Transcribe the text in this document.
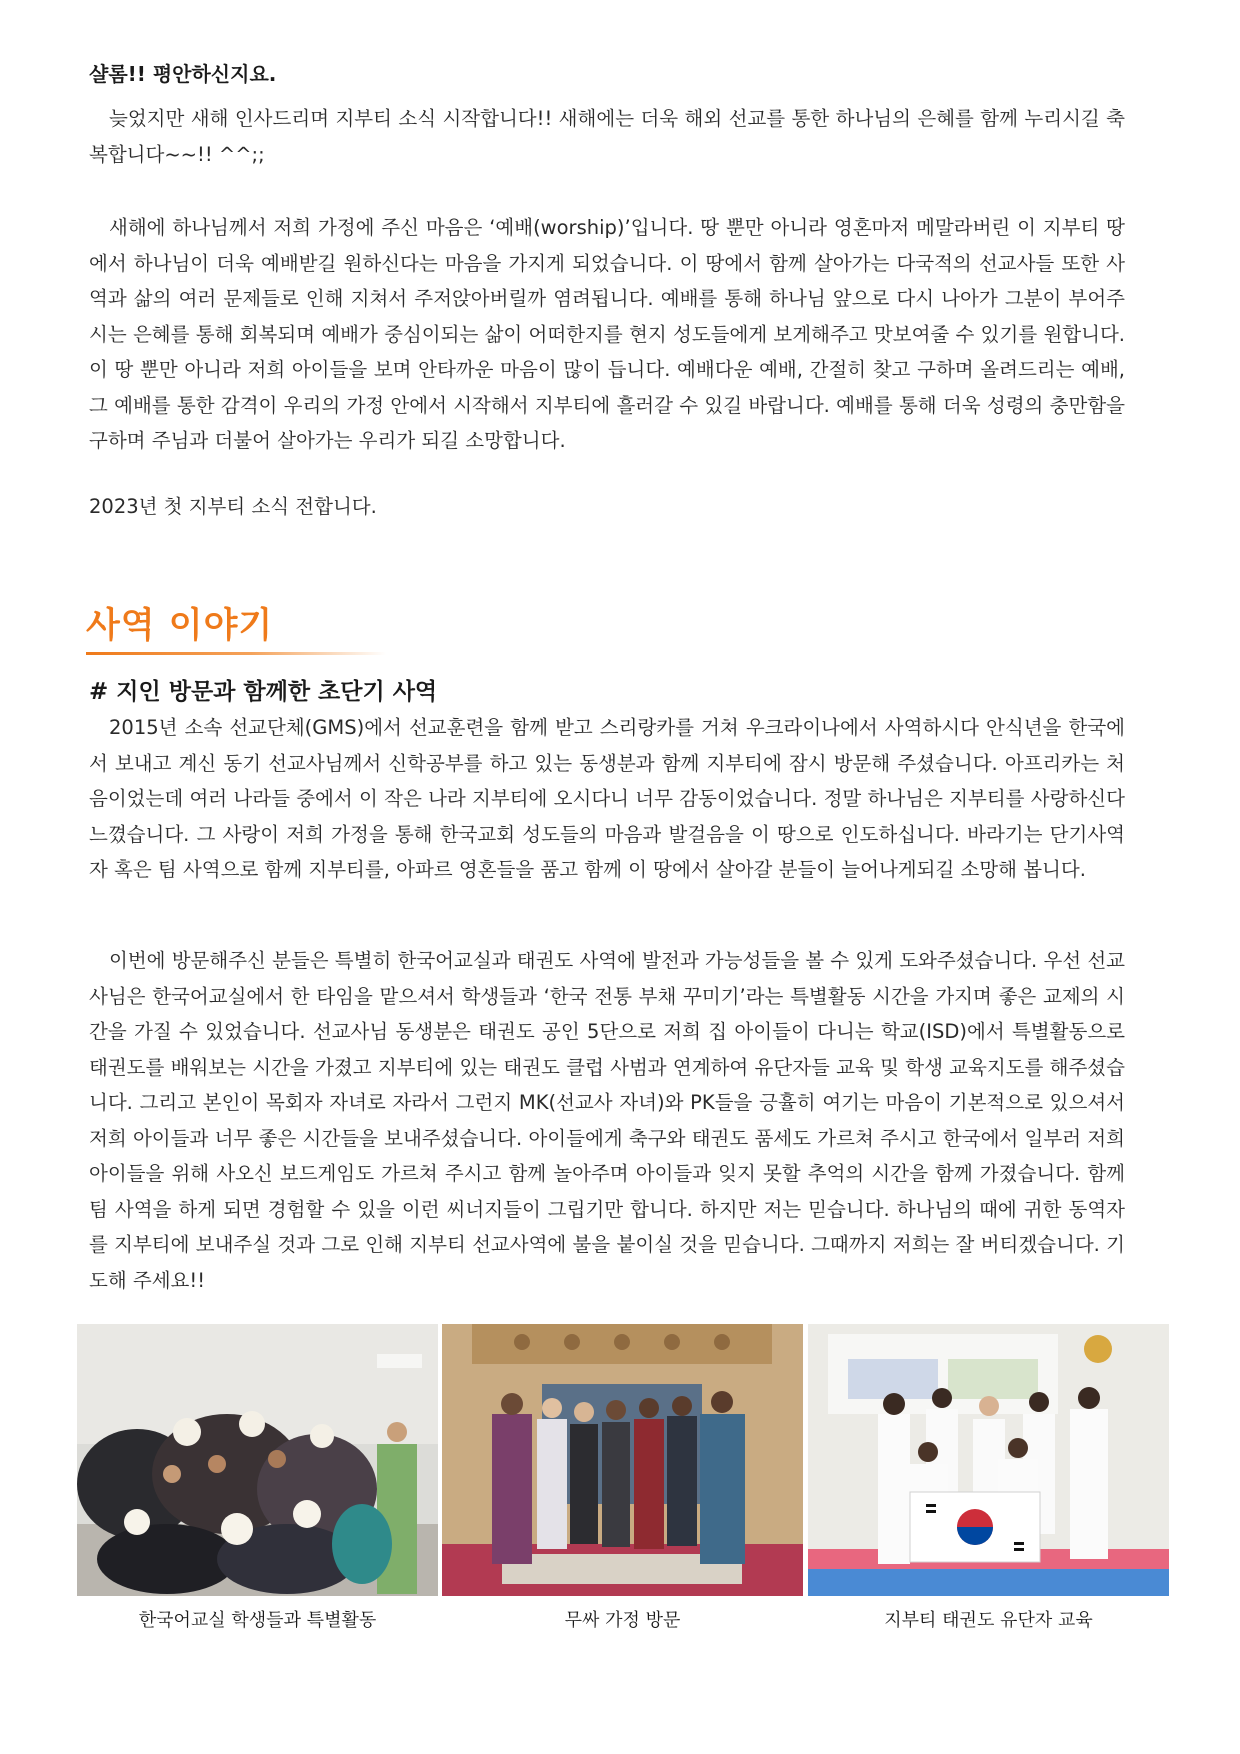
샬롬!! 평안하신지요.

늦었지만 새해 인사드리며 지부티 소식 시작합니다!! 새해에는 더욱 해외 선교를 통한 하나님의 은혜를 함께 누리시길 축복합니다~~!! ^^;;

새해에 하나님께서 저희 가정에 주신 마음은 ‘예배(worship)’입니다. 땅 뿐만 아니라 영혼마저 메말라버린 이 지부티 땅에서 하나님이 더욱 예배받길 원하신다는 마음을 가지게 되었습니다. 이 땅에서 함께 살아가는 다국적의 선교사들 또한 사역과 삶의 여러 문제들로 인해 지쳐서 주저앉아버릴까 염려됩니다. 예배를 통해 하나님 앞으로 다시 나아가 그분이 부어주시는 은혜를 통해 회복되며 예배가 중심이되는 삶이 어떠한지를 현지 성도들에게 보게해주고 맛보여줄 수 있기를 원합니다. 이 땅 뿐만 아니라 저희 아이들을 보며 안타까운 마음이 많이 듭니다. 예배다운 예배, 간절히 찾고 구하며 올려드리는 예배, 그 예배를 통한 감격이 우리의 가정 안에서 시작해서 지부티에 흘러갈 수 있길 바랍니다. 예배를 통해 더욱 성령의 충만함을 구하며 주님과 더불어 살아가는 우리가 되길 소망합니다.

2023년 첫 지부티 소식 전합니다.

사역 이야기
# 지인 방문과 함께한 초단기 사역

2015년 소속 선교단체(GMS)에서 선교훈련을 함께 받고 스리랑카를 거쳐 우크라이나에서 사역하시다 안식년을 한국에서 보내고 계신 동기 선교사님께서 신학공부를 하고 있는 동생분과 함께 지부티에 잠시 방문해 주셨습니다. 아프리카는 처음이었는데 여러 나라들 중에서 이 작은 나라 지부티에 오시다니 너무 감동이었습니다. 정말 하나님은 지부티를 사랑하신다 느꼈습니다. 그 사랑이 저희 가정을 통해 한국교회 성도들의 마음과 발걸음을 이 땅으로 인도하십니다. 바라기는 단기사역자 혹은 팀 사역으로 함께 지부티를, 아파르 영혼들을 품고 함께 이 땅에서 살아갈 분들이 늘어나게되길 소망해 봅니다.

이번에 방문해주신 분들은 특별히 한국어교실과 태권도 사역에 발전과 가능성들을 볼 수 있게 도와주셨습니다. 우선 선교사님은 한국어교실에서 한 타임을 맡으셔서 학생들과 ‘한국 전통 부채 꾸미기’라는 특별활동 시간을 가지며 좋은 교제의 시간을 가질 수 있었습니다. 선교사님 동생분은 태권도 공인 5단으로 저희 집 아이들이 다니는 학교(ISD)에서 특별활동으로 태권도를 배워보는 시간을 가졌고 지부티에 있는 태권도 클럽 사범과 연계하여 유단자들 교육 및 학생 교육지도를 해주셨습니다. 그리고 본인이 목회자 자녀로 자라서 그런지 MK(선교사 자녀)와 PK들을 긍휼히 여기는 마음이 기본적으로 있으셔서 저희 아이들과 너무 좋은 시간들을 보내주셨습니다. 아이들에게 축구와 태권도 품세도 가르쳐 주시고 한국에서 일부러 저희 아이들을 위해 사오신 보드게임도 가르쳐 주시고 함께 놀아주며 아이들과 잊지 못할 추억의 시간을 함께 가졌습니다. 함께 팀 사역을 하게 되면 경험할 수 있을 이런 씨너지들이 그립기만 합니다. 하지만 저는 믿습니다. 하나님의 때에 귀한 동역자를 지부티에 보내주실 것과 그로 인해 지부티 선교사역에 불을 붙이실 것을 믿습니다. 그때까지 저희는 잘 버티겠습니다. 기도해 주세요!!

한국어교실 학생들과 특별활동	무싸 가정 방문	지부티 태권도 유단자 교육
